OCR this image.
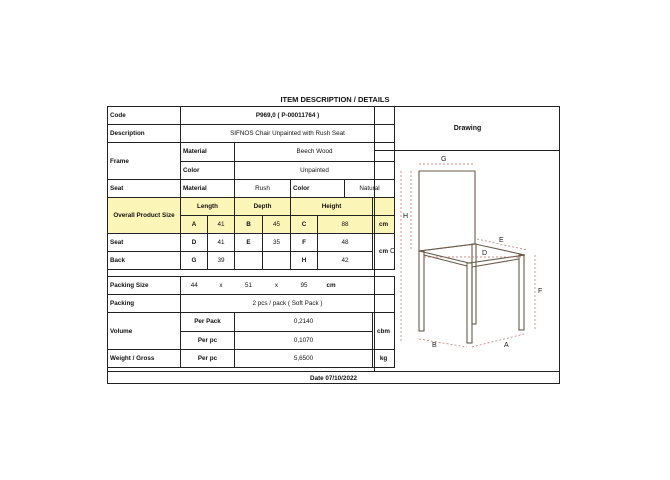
ITEM DESCRIPTION / DETAILS
Code	P969,0 ( P-00011764 )							
Description	SIFNOS Chair Unpainted with Rush Seat							
Frame	Material		Beech Wood					
	Color		Unpainted					
Seat	Material		Rush		Color		Natural	
Overall Product Size	Length		Depth		Height			
	A	41	B	45	C	88		cm
Seat	D	41	E	35	F	48		cm
Back	G	39			H	42		

Packing Size	44	x	51	x	95	cm		
Packing	2 pcs / pack ( Soft Pack )							
Volume	Per Pack		0,2140					cbm
	Per pc		0,1070					
Weight / Gross	Per pc		5,6500					kg
Drawing
G
H
C
E
D
F
B	A
Date 07/10/2022
